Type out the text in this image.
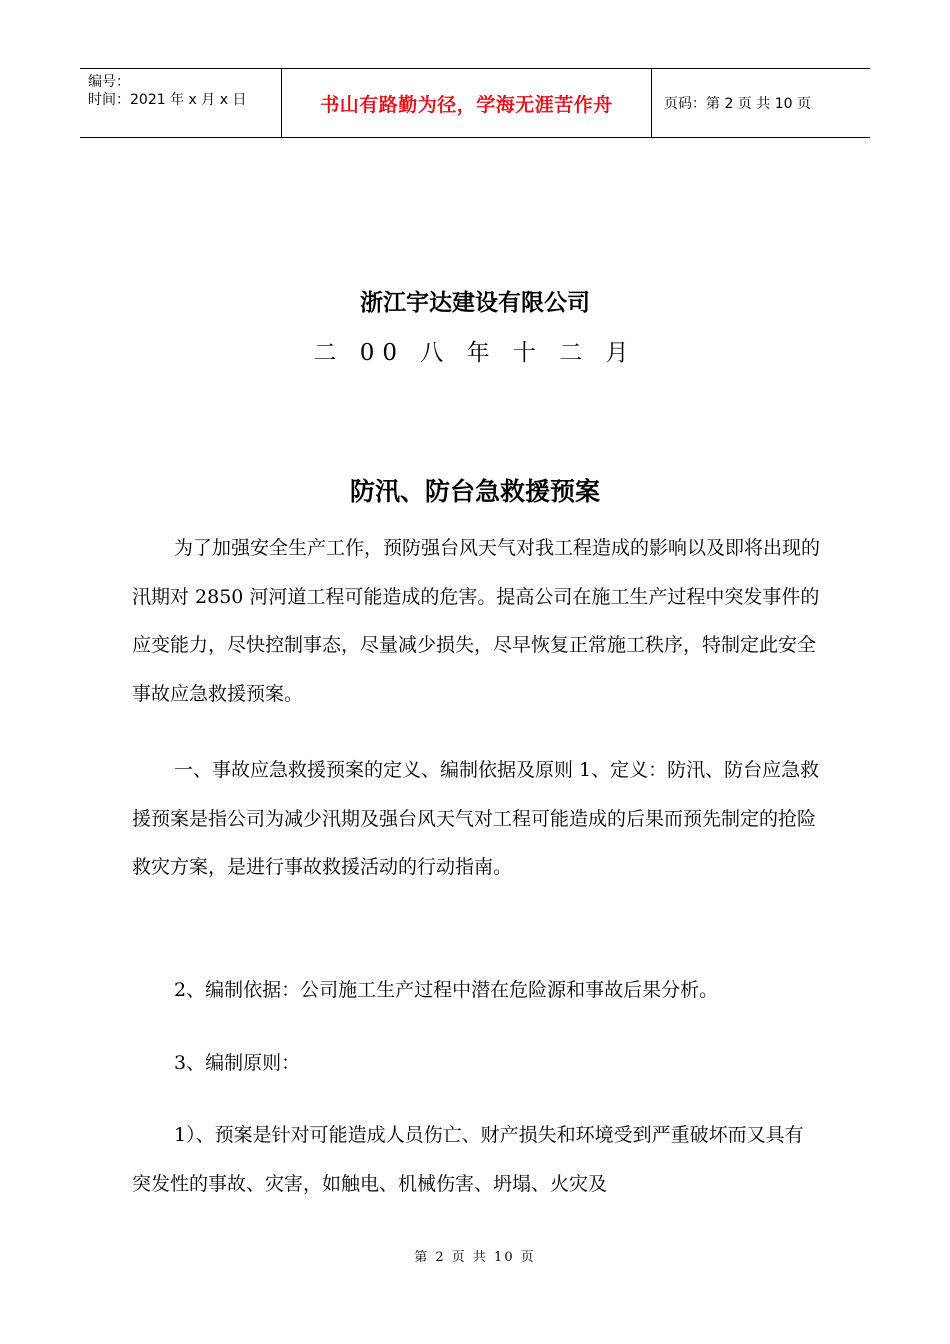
编号：
时间：2021 年 x 月 x 日	书山有路勤为径，学海无涯苦作舟	页码：第 2 页 共 10 页
浙江宇达建设有限公司
二 00 八 年 十 二 月
防汛、防台急救援预案

为了加强安全生产工作，预防强台风天气对我工程造成的影响以及即将出现的汛期对 2850 河河道工程可能造成的危害。提高公司在施工生产过程中突发事件的应变能力，尽快控制事态，尽量减少损失，尽早恢复正常施工秩序，特制定此安全事故应急救援预案。

一、事故应急救援预案的定义、编制依据及原则 1、定义：防汛、防台应急救援预案是指公司为减少汛期及强台风天气对工程可能造成的后果而预先制定的抢险救灾方案，是进行事故救援活动的行动指南。

2、编制依据：公司施工生产过程中潜在危险源和事故后果分析。

3、编制原则：

1）、预案是针对可能造成人员伤亡、财产损失和环境受到严重破坏而又具有突发性的事故、灾害，如触电、机械伤害、坍塌、火灾及

第 2 页 共 10 页
